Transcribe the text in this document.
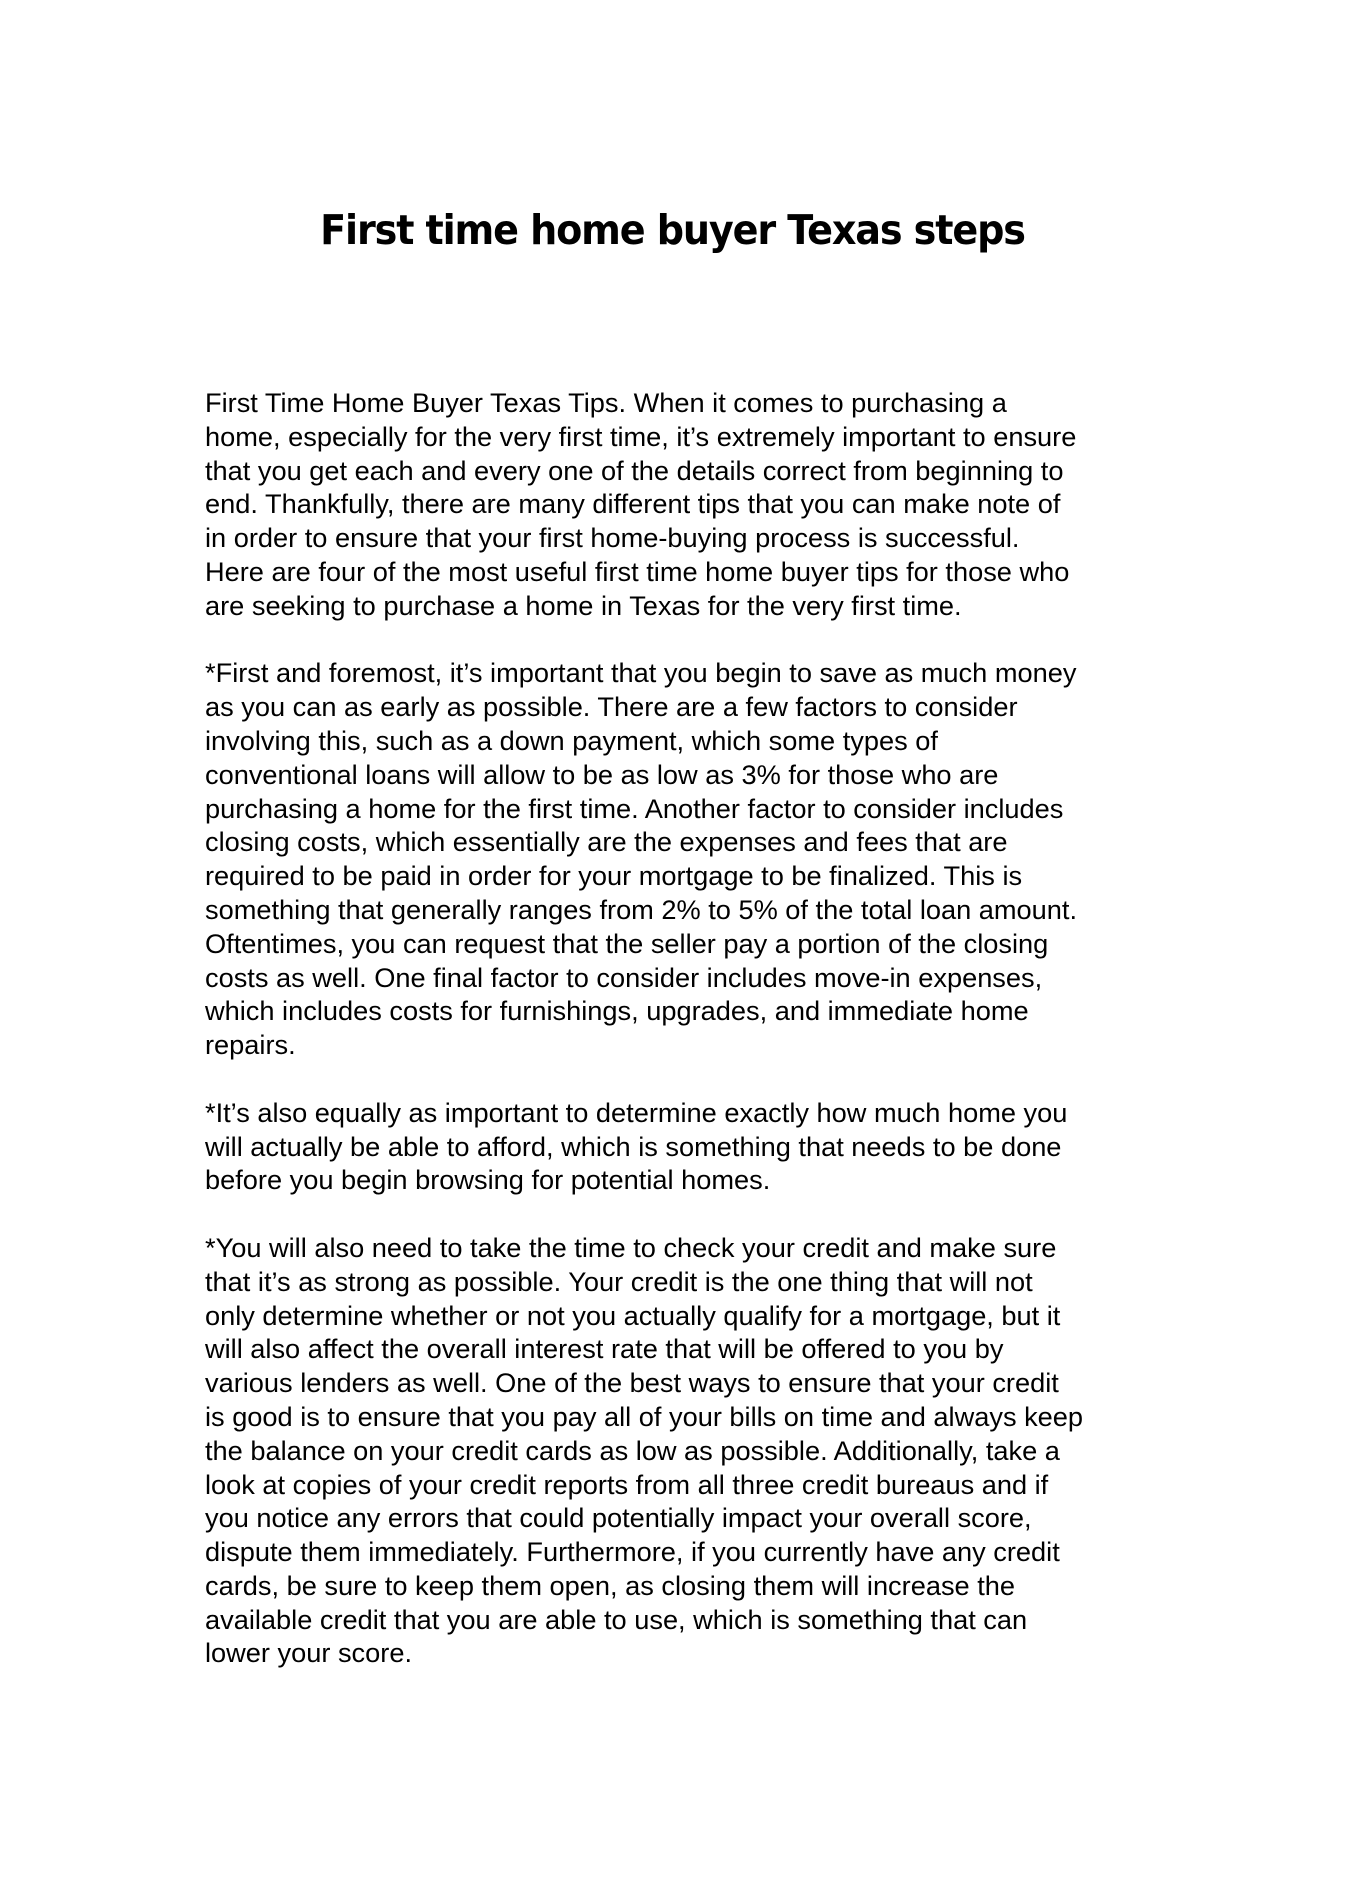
First time home buyer Texas steps

First Time Home Buyer Texas Tips. When it comes to purchasing a
home, especially for the very first time, it’s extremely important to ensure
that you get each and every one of the details correct from beginning to
end. Thankfully, there are many different tips that you can make note of
in order to ensure that your first home-buying process is successful.
Here are four of the most useful first time home buyer tips for those who
are seeking to purchase a home in Texas for the very first time.

*First and foremost, it’s important that you begin to save as much money
as you can as early as possible. There are a few factors to consider
involving this, such as a down payment, which some types of
conventional loans will allow to be as low as 3% for those who are
purchasing a home for the first time. Another factor to consider includes
closing costs, which essentially are the expenses and fees that are
required to be paid in order for your mortgage to be finalized. This is
something that generally ranges from 2% to 5% of the total loan amount.
Oftentimes, you can request that the seller pay a portion of the closing
costs as well. One final factor to consider includes move-in expenses,
which includes costs for furnishings, upgrades, and immediate home
repairs.

*It’s also equally as important to determine exactly how much home you
will actually be able to afford, which is something that needs to be done
before you begin browsing for potential homes.

*You will also need to take the time to check your credit and make sure
that it’s as strong as possible. Your credit is the one thing that will not
only determine whether or not you actually qualify for a mortgage, but it
will also affect the overall interest rate that will be offered to you by
various lenders as well. One of the best ways to ensure that your credit
is good is to ensure that you pay all of your bills on time and always keep
the balance on your credit cards as low as possible. Additionally, take a
look at copies of your credit reports from all three credit bureaus and if
you notice any errors that could potentially impact your overall score,
dispute them immediately. Furthermore, if you currently have any credit
cards, be sure to keep them open, as closing them will increase the
available credit that you are able to use, which is something that can
lower your score.
